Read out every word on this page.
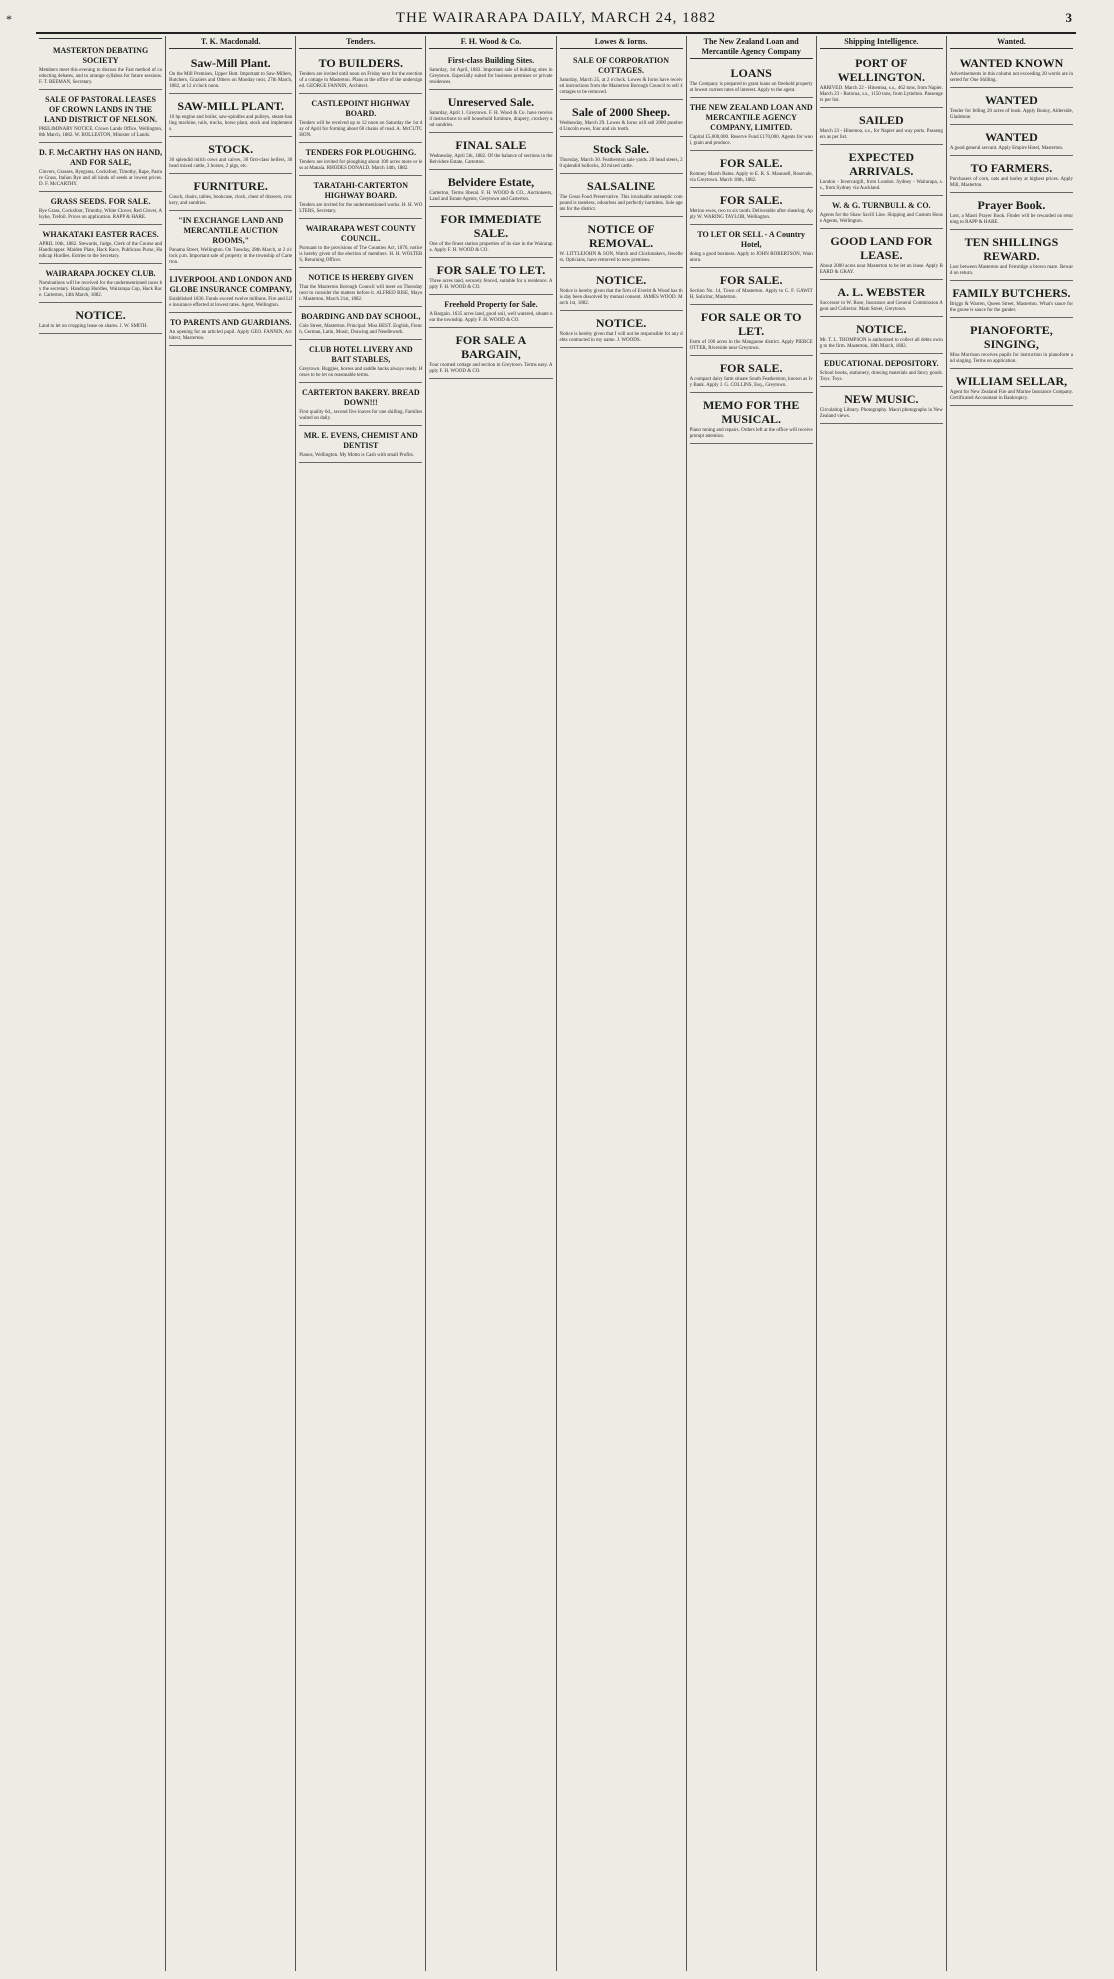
*	THE WAIRARAPA DAILY, MARCH 24, 1882	3
MASTERTON DEBATING SOCIETY
Members meet this evening to discuss the Fast method of conducting debates, and to arrange syllabus for future sessions. F. T. BEEMAN, Secretary.
SALE OF PASTORAL LEASES OF CROWN LANDS IN THE LAND DISTRICT OF NELSON.
PRELIMINARY NOTICE. Crown Lands Office, Wellington, 8th March, 1882. W. BOLLESTON, Minister of Lands.
D. F. McCARTHY HAS ON HAND, AND FOR SALE,
Clovers, Grasses, Ryegrass, Cocksfoot, Timothy, Rape, Pasture Grass, Italian Rye and all kinds of seeds at lowest prices. D. F. McCARTHY.
GRASS SEEDS. FOR SALE.
Rye Grass, Cocksfoot, Timothy, White Clover, Red Clover, Alsyke, Trefoil. Prices on application. RAPP & HARE.
WHAKATAKI EASTER RACES.
APRIL 10th, 1882. Stewards, Judge, Clerk of the Course and Handicapper. Maiden Plate, Hack Race, Publicans Purse, Handicap Hurdles. Entries to the Secretary.
WAIRARAPA JOCKEY CLUB.
Nominations will be received for the undermentioned races by the secretary. Handicap Hurdles, Wairarapa Cup, Hack Race. Carterton, 14th March, 1882.
NOTICE.
Land to let on cropping lease on shares. J. W. SMITH.
T. K. Macdonald.
Saw-Mill Plant.
On the Mill Premises, Upper Hutt. Important to Saw-Millers, Butchers, Graziers and Others on Monday next, 27th March, 1882, at 12 o'clock noon.
SAW-MILL PLANT.
10 hp engine and boiler, saw-spindles and pulleys, steam-hauling machine, rails, trucks, horse plant, stock and implements.
STOCK.
30 splendid milch cows and calves, 30 first-class heifers, 30 head mixed cattle, 3 horses, 2 pigs, etc.
FURNITURE.
Couch, chairs, tables, bookcase, clock, chest of drawers, crockery, and sundries.
"IN EXCHANGE LAND AND MERCANTILE AUCTION ROOMS,"
Panama Street, Wellington. On Tuesday, 28th March, at 2 o'clock p.m. Important sale of property in the township of Carterton.
LIVERPOOL AND LONDON AND GLOBE INSURANCE COMPANY,
Established 1836. Funds exceed twelve millions. Fire and Life insurance effected at lowest rates. Agent, Wellington.
TO PARENTS AND GUARDIANS.
An opening for an articled pupil. Apply GEO. FANNIN, Architect, Masterton.
Tenders.
TO BUILDERS.
Tenders are invited until noon on Friday next for the erection of a cottage in Masterton. Plans at the office of the undersigned. GEORGE FANNIN, Architect.
CASTLEPOINT HIGHWAY BOARD.
Tenders will be received up to 12 noon on Saturday the 1st day of April for forming about 60 chains of road. A. McCUTCHON.
TENDERS FOR PLOUGHING.
Tenders are invited for ploughing about 100 acres more or less at Manaia. RHODES DONALD. March 14th, 1882.
TARATAHI-CARTERTON HIGHWAY BOARD.
Tenders are invited for the undermentioned works. H. H. WOLTERS, Secretary.
WAIRARAPA WEST COUNTY COUNCIL.
Pursuant to the provisions of The Counties Act, 1876, notice is hereby given of the election of members. H. H. WOLTERS, Returning Officer.
NOTICE IS HEREBY GIVEN
That the Masterton Borough Council will meet on Thursday next to consider the matters before it. ALFRED RISE, Mayor. Masterton, March 21st, 1882.
BOARDING AND DAY SCHOOL,
Cole Street, Masterton. Principal: Miss BEST. English, French, German, Latin, Music, Drawing and Needlework.
CLUB HOTEL LIVERY AND BAIT STABLES,
Greytown. Buggies, horses and saddle hacks always ready. Horses to be let on reasonable terms.
CARTERTON BAKERY. BREAD DOWN!!!
First quality 6d., second five loaves for one shilling. Families waited on daily.
MR. E. EVENS, CHEMIST AND DENTIST
Pianos, Wellington. My Motto is Cash with small Profits.
F. H. Wood & Co.
First-class Building Sites.
Saturday, 1st April, 1882. Important sale of building sites in Greytown. Especially suited for business premises or private residences.
Unreserved Sale.
Saturday, April 1. Greytown. F. H. Wood & Co. have received instructions to sell household furniture, drapery, crockery and sundries.
FINAL SALE
Wednesday, April 5th, 1882. Of the balance of sections in the Belvidere Estate, Carterton.
Belvidere Estate,
Carterton, Terms liberal. F. H. WOOD & CO., Auctioneers, Land and Estate Agents, Greytown and Carterton.
FOR IMMEDIATE SALE.
One of the finest station properties of its size in the Wairarapa. Apply F. H. WOOD & CO.
FOR SALE TO LET.
Three acres land, securely fenced, suitable for a residence. Apply F. H. WOOD & CO.
Freehold Property for Sale.
A Bargain. 1635 acres land, good soil, well watered, situate near the township. Apply F. H. WOOD & CO.
FOR SALE A BARGAIN,
Four roomed cottage and section in Greytown. Terms easy. Apply F. H. WOOD & CO.
Lowes & Iorns.
SALE OF CORPORATION COTTAGES.
Saturday, March 25, at 2 o'clock. Lowes & Iorns have received instructions from the Masterton Borough Council to sell 4 cottages to be removed.
Sale of 2000 Sheep.
Wednesday, March 29. Lowes & Iorns will sell 2000 purebred Lincoln ewes, four and six tooth.
Stock Sale.
Thursday, March 30. Featherston sale yards. 20 head steers, 20 splendid bullocks, 20 mixed cattle.
SALSALINE
The Great Food Preservative. This invaluable antiseptic compound is tasteless, odourless and perfectly harmless. Sole agents for the district.
NOTICE OF REMOVAL.
W. LITTLEJOHN & SON, Watch and Clockmakers, Jewellers, Opticians, have removed to new premises.
NOTICE.
Notice is hereby given that the firm of Everitt & Wood has this day been dissolved by mutual consent. JAMES WOOD. March 1st, 1882.
NOTICE.
Notice is hereby given that I will not be responsible for any debts contracted in my name. J. WOODS.
The New Zealand Loan and Mercantile Agency Company
LOANS
The Company is prepared to grant loans on freehold property at lowest current rates of interest. Apply to the agent.
THE NEW ZEALAND LOAN AND MERCANTILE AGENCY COMPANY, LIMITED.
Capital £5,000,000. Reserve Fund £170,000. Agents for wool, grain and produce.
FOR SALE.
Romney Marsh Rams. Apply to E. R. S. Maunsell, Rosevale, via Greytown. March 18th, 1882.
FOR SALE.
Merino ewes, two to six tooth. Deliverable after shearing. Apply W. WARING TAYLOR, Wellington.
TO LET OR SELL - A Country Hotel,
doing a good business. Apply to JOHN ROBERTSON, Wainuioru.
FOR SALE.
Section No. 14, Town of Masterton. Apply to C. F. GAWITH, Solicitor, Masterton.
FOR SALE OR TO LET.
Farm of 100 acres in the Mangaone district. Apply PIERCE OTTER, Riverside near Greytown.
FOR SALE.
A compact dairy farm situate South Featherston, known as Ivy Bank. Apply J. G. COLLINS, Esq., Greytown.
MEMO FOR THE MUSICAL.
Piano tuning and repairs. Orders left at the office will receive prompt attention.
Shipping Intelligence.
PORT OF WELLINGTON.
ARRIVED. March 22 - Hinemoa, s.s., 462 tons, from Napier. March 23 - Rotorua, s.s., 1150 tons, from Lyttelton. Passengers per list.
SAILED
March 23 - Hinemoa, s.s., for Napier and way ports. Passengers as per list.
EXPECTED ARRIVALS.
London - Invercargill, from London. Sydney - Wairarapa, s.s., from Sydney via Auckland.
W. & G. TURNBULL & CO.
Agents for the Shaw Savill Line. Shipping and Custom House Agents, Wellington.
GOOD LAND FOR LEASE.
About 2000 acres near Masterton to be let on lease. Apply BEARD & GRAY.
A. L. WEBSTER
Successor to W. Rose, Insurance and General Commission Agent and Collector. Main Street, Greytown.
NOTICE.
Mr. T. L. THOMPSON is authorised to collect all debts owing to the firm. Masterton, 18th March, 1882.
EDUCATIONAL DEPOSITORY.
School books, stationery, drawing materials and fancy goods. Toys. Toys.
NEW MUSIC.
Circulating Library. Photography. Maori photographs in New Zealand views.
Wanted.
WANTED KNOWN
Advertisements in this column not exceeding 20 words are inserted for One Shilling.
WANTED
Tender for felling 20 acres of bush. Apply Bunny, Alderside, Gladstone.
WANTED
A good general servant. Apply Empire Hotel, Masterton.
TO FARMERS.
Purchasers of corn, oats and barley at highest prices. Apply Mill, Masterton.
Prayer Book.
Lost, a Maori Prayer Book. Finder will be rewarded on returning to RAPP & HARE.
TEN SHILLINGS REWARD.
Lost between Masterton and Fernridge a brown mare. Reward on return.
FAMILY BUTCHERS.
Briggs & Warren, Queen Street, Masterton. What's sauce for the goose is sauce for the gander.
PIANOFORTE, SINGING,
Miss Morrison receives pupils for instruction in pianoforte and singing. Terms on application.
WILLIAM SELLAR,
Agent for New Zealand Fire and Marine Insurance Company. Certificated Accountant in Bankruptcy.
